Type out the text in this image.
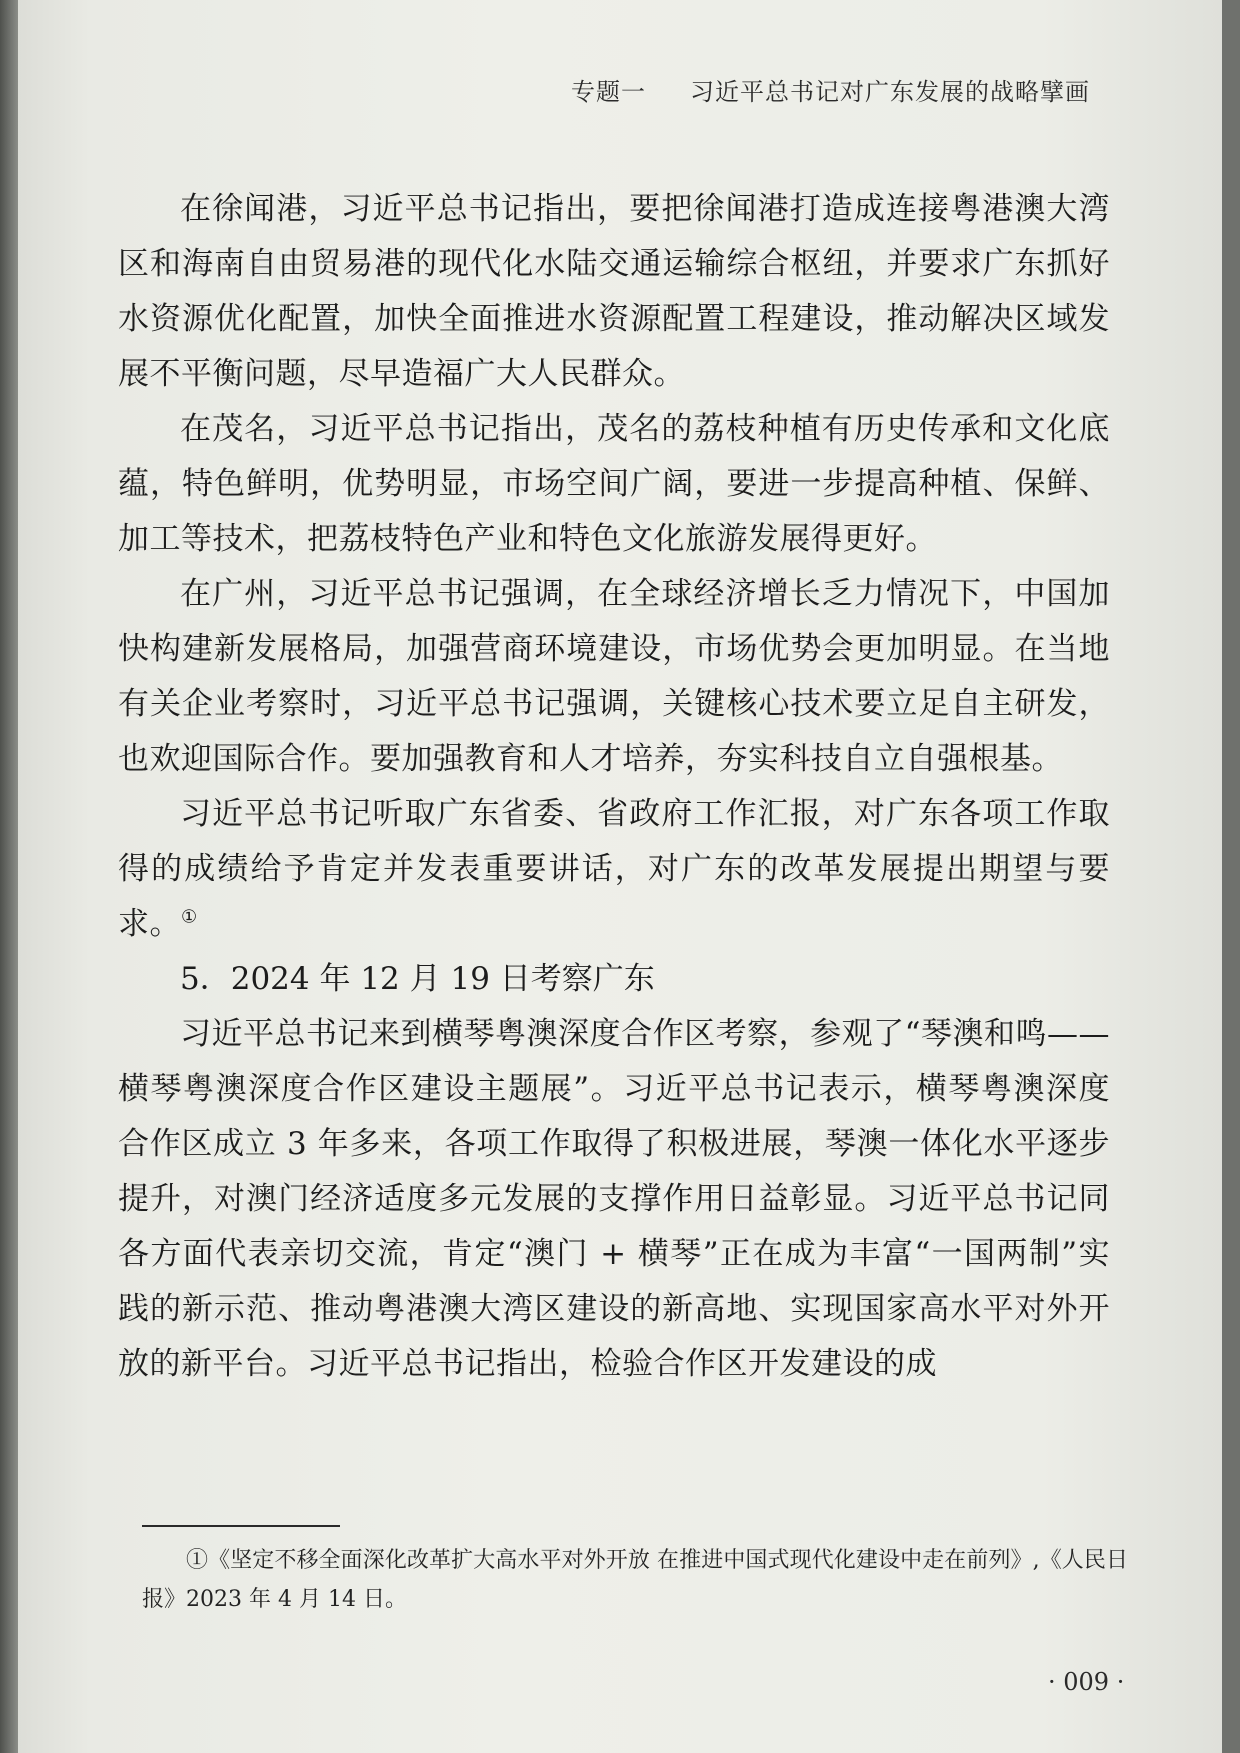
专题一 习近平总书记对广东发展的战略擘画

在徐闻港，习近平总书记指出，要把徐闻港打造成连接粤港澳大湾区和海南自由贸易港的现代化水陆交通运输综合枢纽，并要求广东抓好水资源优化配置，加快全面推进水资源配置工程建设，推动解决区域发展不平衡问题，尽早造福广大人民群众。

在茂名，习近平总书记指出，茂名的荔枝种植有历史传承和文化底蕴，特色鲜明，优势明显，市场空间广阔，要进一步提高种植、保鲜、加工等技术，把荔枝特色产业和特色文化旅游发展得更好。

在广州，习近平总书记强调，在全球经济增长乏力情况下，中国加快构建新发展格局，加强营商环境建设，市场优势会更加明显。在当地有关企业考察时，习近平总书记强调，关键核心技术要立足自主研发，也欢迎国际合作。要加强教育和人才培养，夯实科技自立自强根基。

习近平总书记听取广东省委、省政府工作汇报，对广东各项工作取得的成绩给予肯定并发表重要讲话，对广东的改革发展提出期望与要求。①

5．2024 年 12 月 19 日考察广东

习近平总书记来到横琴粤澳深度合作区考察，参观了“琴澳和鸣——横琴粤澳深度合作区建设主题展”。习近平总书记表示，横琴粤澳深度合作区成立 3 年多来，各项工作取得了积极进展，琴澳一体化水平逐步提升，对澳门经济适度多元发展的支撑作用日益彰显。习近平总书记同各方面代表亲切交流，肯定“澳门 + 横琴”正在成为丰富“一国两制”实践的新示范、推动粤港澳大湾区建设的新高地、实现国家高水平对外开放的新平台。习近平总书记指出，检验合作区开发建设的成

①《坚定不移全面深化改革扩大高水平对外开放 在推进中国式现代化建设中走在前列》,《人民日报》2023 年 4 月 14 日。
· 009 ·
